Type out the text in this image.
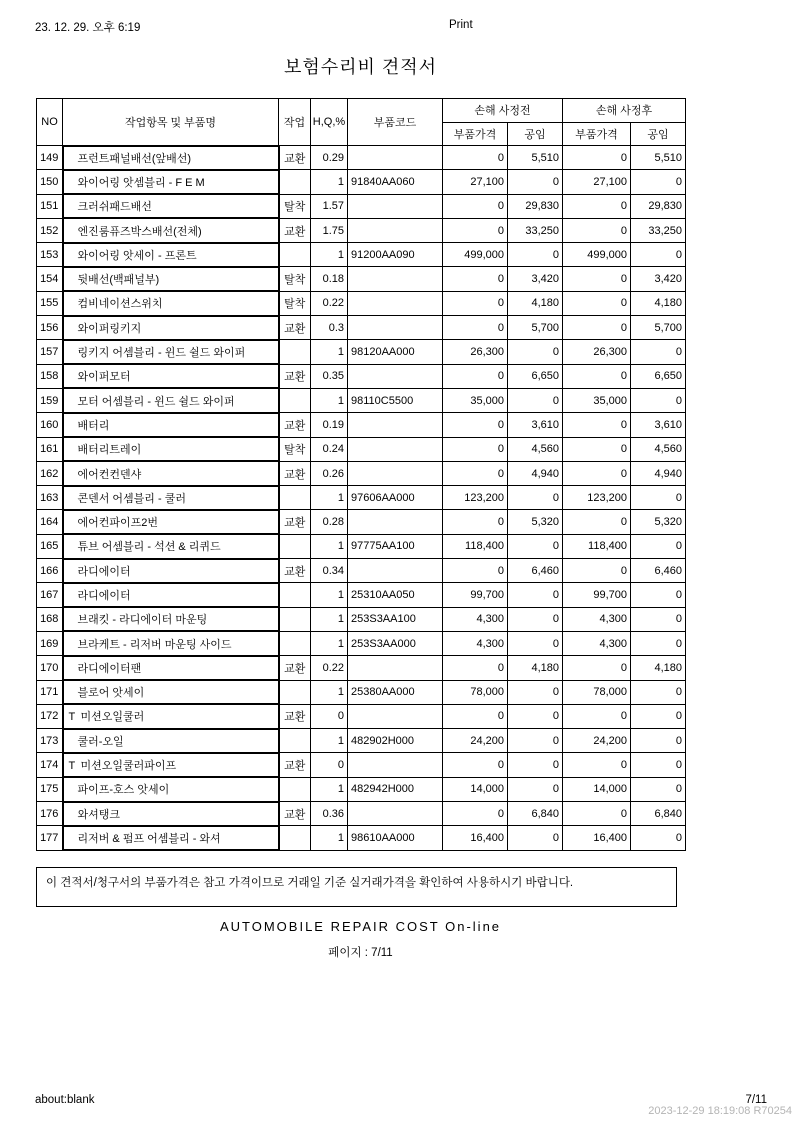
23. 12. 29. 오후 6:19	Print
보험수리비 견적서
NO	작업항목 및 부품명	작업	H,Q,%	부품코드	손해 사정전		손해 사정후	
					부품가격	공임	부품가격	공임
149	프런트패널배선(앞배선)	교환	0.29		0	5,510	0	5,510
150	와이어링 앗셈블리 - F E M		1	91840AA060	27,100	0	27,100	0
151	크러쉬패드배선	탈착	1.57		0	29,830	0	29,830
152	엔진룸퓨즈박스배선(전체)	교환	1.75		0	33,250	0	33,250
153	와이어링 앗세이 - 프론트		1	91200AA090	499,000	0	499,000	0
154	뒷배선(백패널부)	탈착	0.18		0	3,420	0	3,420
155	컴비네이션스위치	탈착	0.22		0	4,180	0	4,180
156	와이퍼링키지	교환	0.3		0	5,700	0	5,700
157	링키지 어셈블리 - 윈드 쉴드 와이퍼		1	98120AA000	26,300	0	26,300	0
158	와이퍼모터	교환	0.35		0	6,650	0	6,650
159	모터 어셈블리 - 윈드 쉴드 와이퍼		1	98110C5500	35,000	0	35,000	0
160	배터리	교환	0.19		0	3,610	0	3,610
161	배터리트레이	탈착	0.24		0	4,560	0	4,560
162	에어컨컨덴샤	교환	0.26		0	4,940	0	4,940
163	콘덴서 어셈블리 - 쿨러		1	97606AA000	123,200	0	123,200	0
164	에어컨파이프2번	교환	0.28		0	5,320	0	5,320
165	튜브 어셈블리 - 석션 & 리퀴드		1	97775AA100	118,400	0	118,400	0
166	라디에이터	교환	0.34		0	6,460	0	6,460
167	라디에이터		1	25310AA050	99,700	0	99,700	0
168	브래킷 - 라디에이터 마운팅		1	253S3AA100	4,300	0	4,300	0
169	브라케트 - 리저버 마운팅 사이드		1	253S3AA000	4,300	0	4,300	0
170	라디에이터팬	교환	0.22		0	4,180	0	4,180
171	블로어 앗세이		1	25380AA000	78,000	0	78,000	0
172	T 미션오일쿨러	교환	0		0	0	0	0
173	쿨러-오일		1	482902H000	24,200	0	24,200	0
174	T 미션오일쿨러파이프	교환	0		0	0	0	0
175	파이프-호스 앗세이		1	482942H000	14,000	0	14,000	0
176	와셔탱크	교환	0.36		0	6,840	0	6,840
177	리저버 & 펌프 어셈블리 - 와셔		1	98610AA000	16,400	0	16,400	0
이 견적서/청구서의 부품가격은 참고 가격이므로 거래일 기준 실거래가격을 확인하여 사용하시기 바랍니다.
AUTOMOBILE REPAIR COST On-line
페이지 : 7/11
about:blank	7/11
2023-12-29 18:19:08 R70254
